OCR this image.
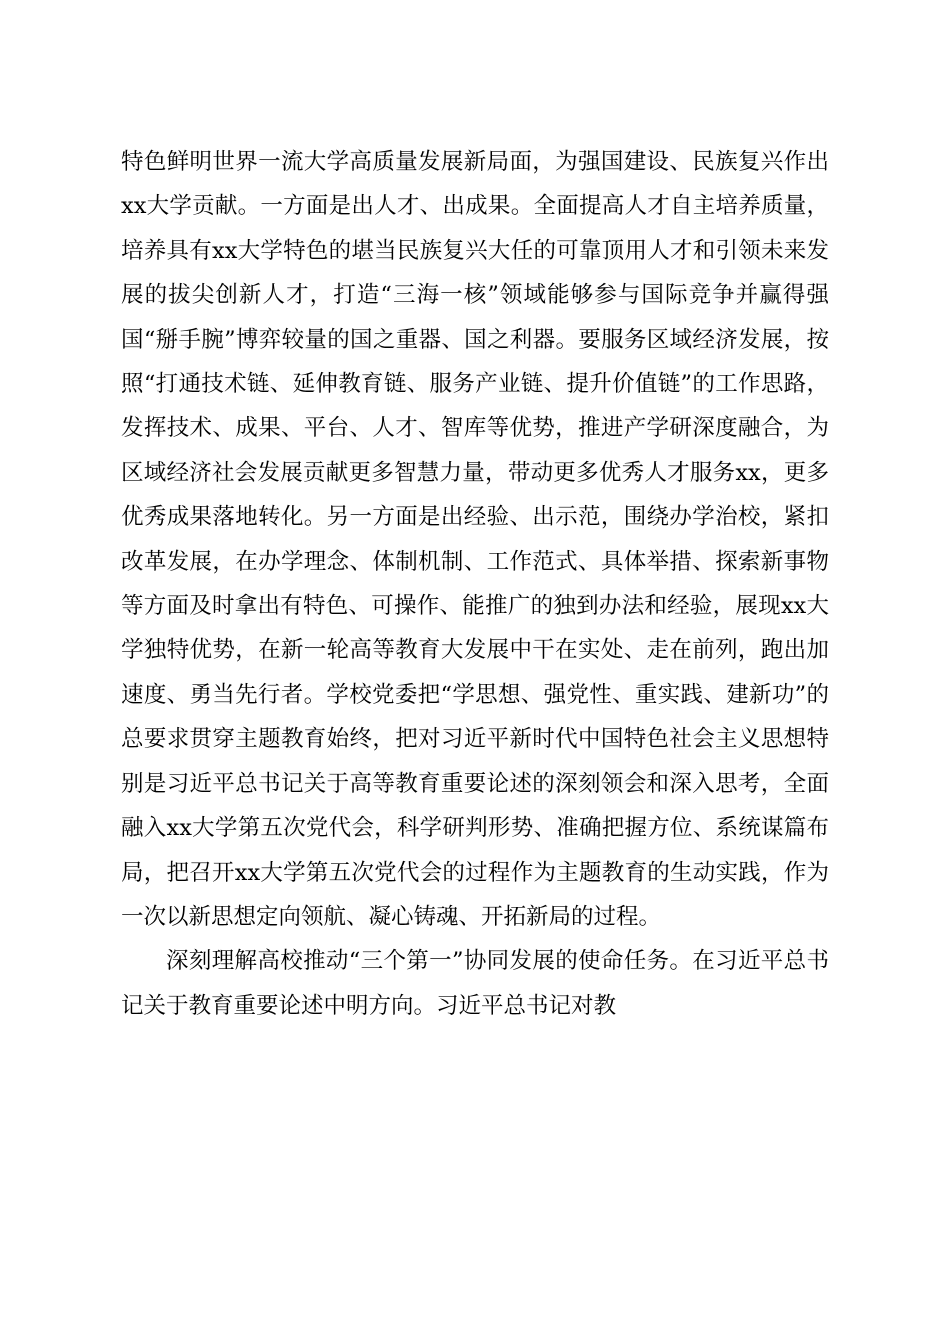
特色鲜明世界一流大学高质量发展新局面，为强国建设、民族复兴作出xx大学贡献。一方面是出人才、出成果。全面提高人才自主培养质量，培养具有xx大学特色的堪当民族复兴大任的可靠顶用人才和引领未来发展的拔尖创新人才，打造“三海一核”领域能够参与国际竞争并赢得强国“掰手腕”博弈较量的国之重器、国之利器。要服务区域经济发展，按照“打通技术链、延伸教育链、服务产业链、提升价值链”的工作思路，发挥技术、成果、平台、人才、智库等优势，推进产学研深度融合，为区域经济社会发展贡献更多智慧力量，带动更多优秀人才服务xx，更多优秀成果落地转化。另一方面是出经验、出示范，围绕办学治校，紧扣改革发展，在办学理念、体制机制、工作范式、具体举措、探索新事物等方面及时拿出有特色、可操作、能推广的独到办法和经验，展现xx大学独特优势，在新一轮高等教育大发展中干在实处、走在前列，跑出加速度、勇当先行者。学校党委把“学思想、强党性、重实践、建新功”的总要求贯穿主题教育始终，把对习近平新时代中国特色社会主义思想特别是习近平总书记关于高等教育重要论述的深刻领会和深入思考，全面融入xx大学第五次党代会，科学研判形势、准确把握方位、系统谋篇布局，把召开xx大学第五次党代会的过程作为主题教育的生动实践，作为一次以新思想定向领航、凝心铸魂、开拓新局的过程。

深刻理解高校推动“三个第一”协同发展的使命任务。在习近平总书记关于教育重要论述中明方向。习近平总书记对教
